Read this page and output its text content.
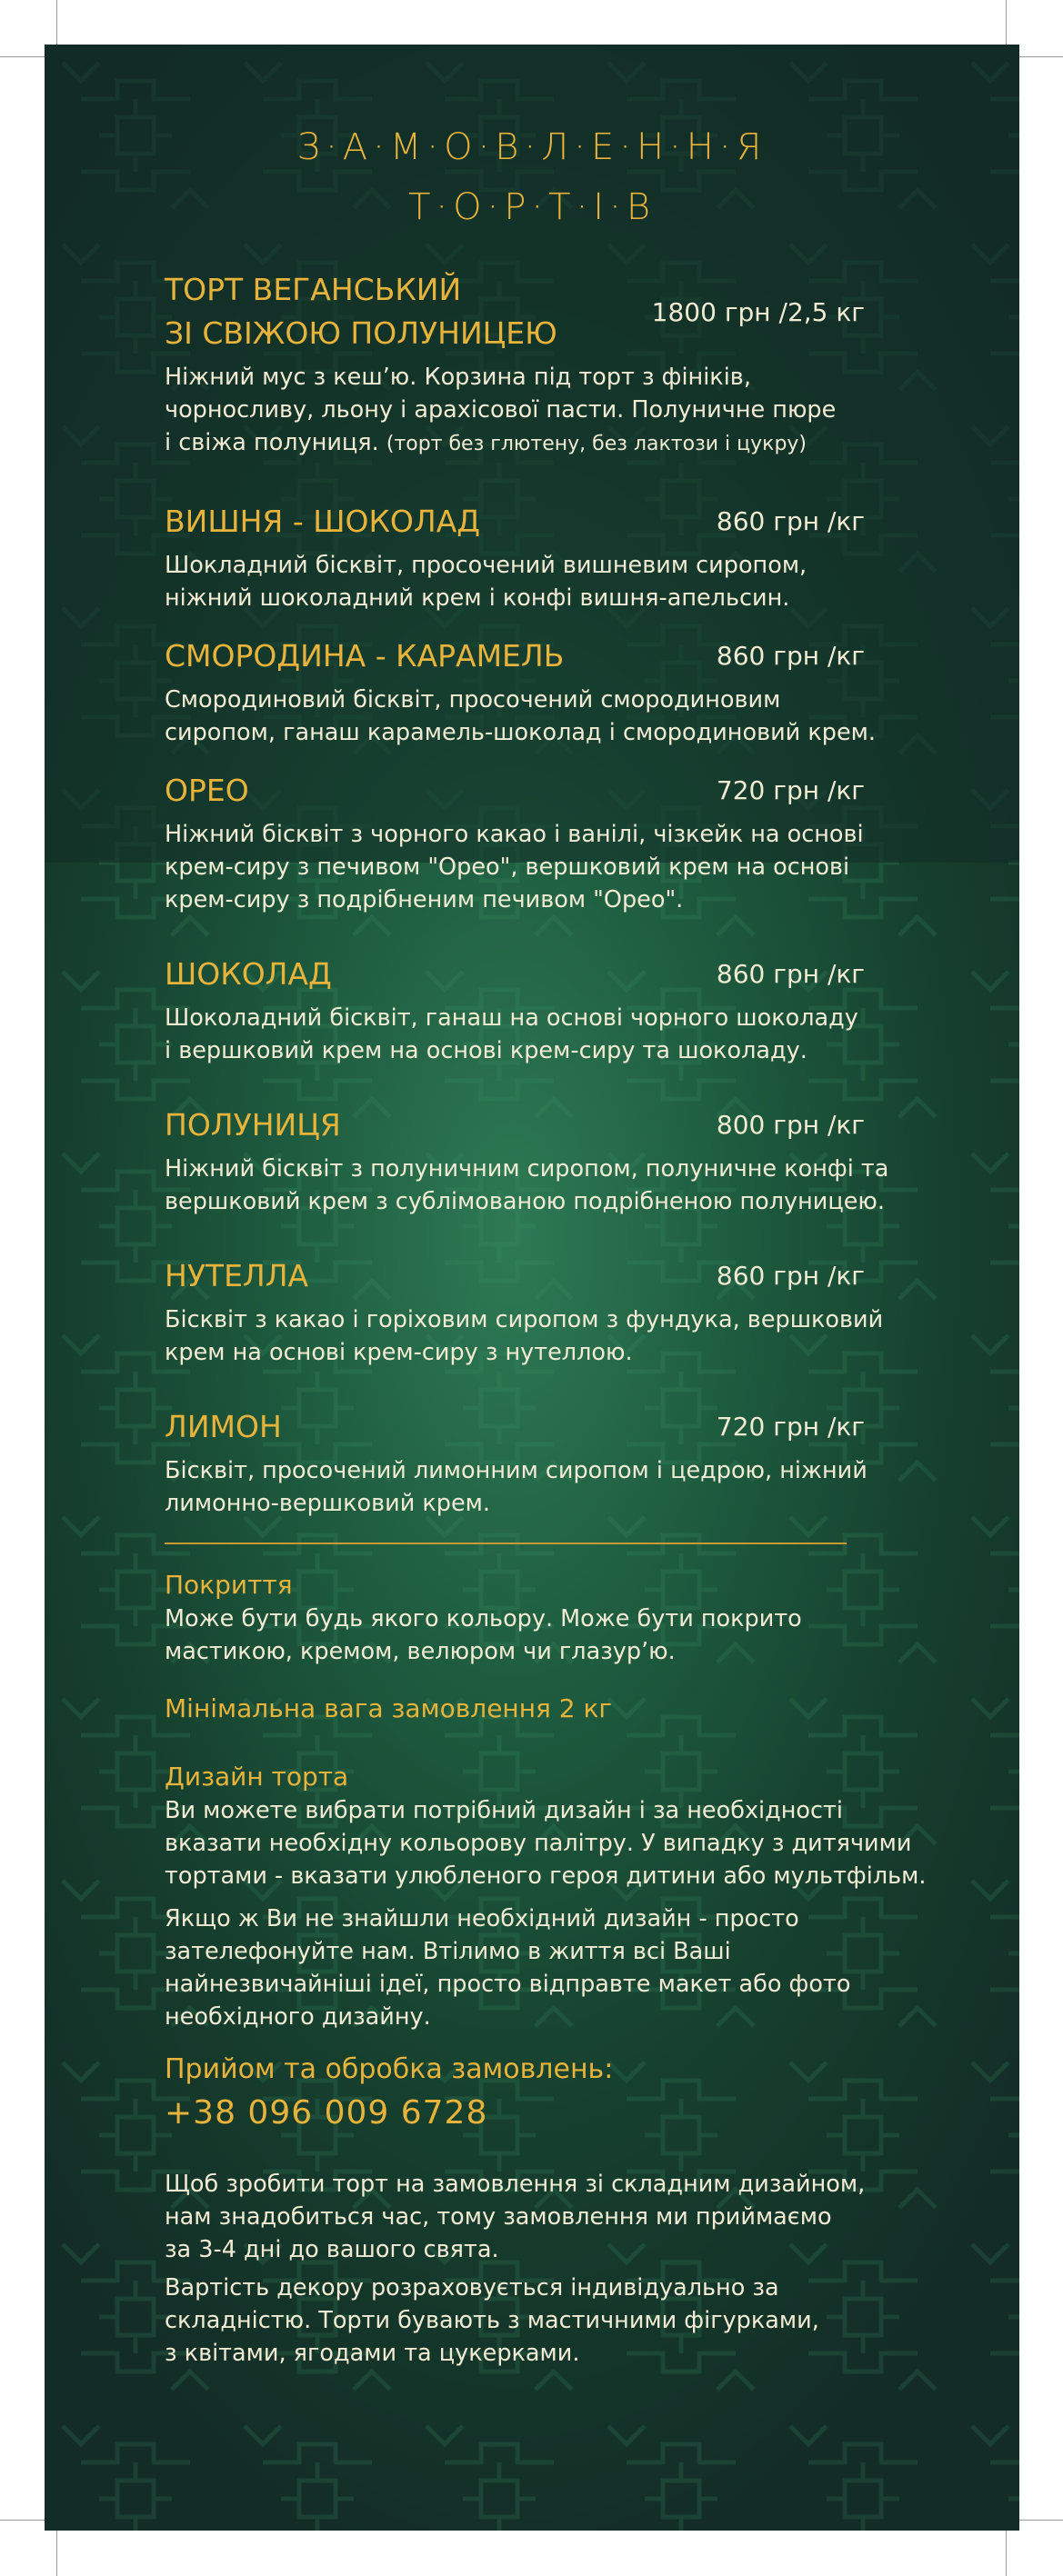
З·А·М·О·В·Л·Е·Н·Н·Я
Т·О·Р·Т·І·В
1800 грн /2,5 кг
ТОРТ ВЕГАНСЬКИЙ
ЗІ СВІЖОЮ ПОЛУНИЦЕЮ
Ніжний мус з кеш’ю. Корзина під торт з фініків,
чорносливу, льону і арахісової пасти. Полуничне пюре
і свіжа полуниця. (торт без глютену, без лактози і цукру)
860 грн /кг
ВИШНЯ - ШОКОЛАД
Шокладний бісквіт, просочений вишневим сиропом,
ніжний шоколадний крем і конфі вишня-апельсин.
860 грн /кг
СМОРОДИНА - КАРАМЕЛЬ
Смородиновий бісквіт, просочений смородиновим
сиропом, ганаш карамель-шоколад і смородиновий крем.
720 грн /кг
ОРЕО
Ніжний бісквіт з чорного какао і ванілі, чізкейк на основі
крем-сиру з печивом "Орео", вершковий крем на основі
крем-сиру з подрібненим печивом "Орео".
860 грн /кг
ШОКОЛАД
Шоколадний бісквіт, ганаш на основі чорного шоколаду
і вершковий крем на основі крем-сиру та шоколаду.
800 грн /кг
ПОЛУНИЦЯ
Ніжний бісквіт з полуничним сиропом, полуничне конфі та
вершковий крем з сублімованою подрібненою полуницею.
860 грн /кг
НУТЕЛЛА
Бісквіт з какао і горіховим сиропом з фундука, вершковий
крем на основі крем-сиру з нутеллою.
720 грн /кг
ЛИМОН
Бісквіт, просочений лимонним сиропом і цедрою, ніжний
лимонно-вершковий крем.
Покриття
Може бути будь якого кольору. Може бути покрито
мастикою, кремом, велюром чи глазур’ю.
Мінімальна вага замовлення 2 кг
Дизайн торта
Ви можете вибрати потрібний дизайн і за необхідності
вказати необхідну кольорову палітру. У випадку з дитячими
тортами - вказати улюбленого героя дитини або мультфільм.
Якщо ж Ви не знайшли необхідний дизайн - просто
зателефонуйте нам. Втілимо в життя всі Ваші
найнезвичайніші ідеї, просто відправте макет або фото
необхідного дизайну.
Прийом та обробка замовлень:
+38 096 009 6728
Щоб зробити торт на замовлення зі складним дизайном,
нам знадобиться час, тому замовлення ми приймаємо
за 3-4 дні до вашого свята.
Вартість декору розраховується індивідуально за
складністю. Торти бувають з мастичними фігурками,
з квітами, ягодами та цукерками.
